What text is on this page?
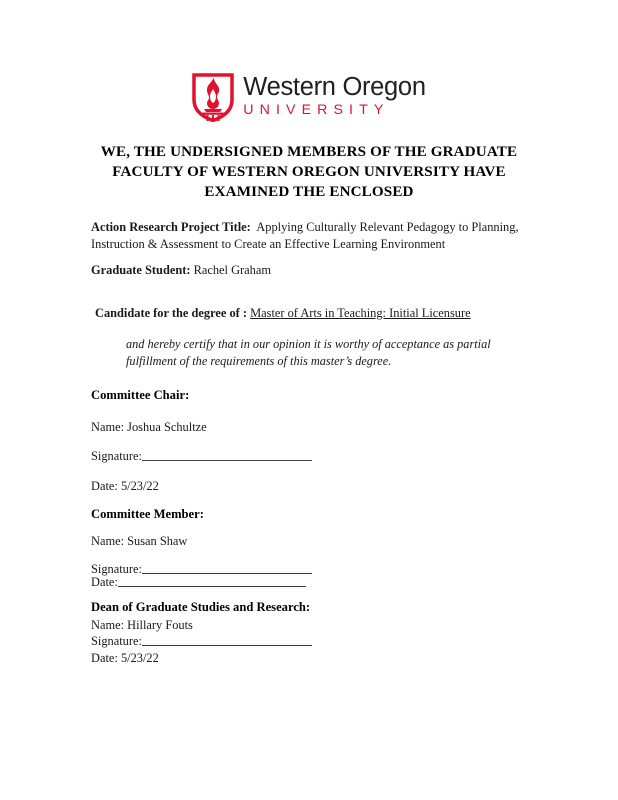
Western Oregon
UNIVERSITY
WE, THE UNDERSIGNED MEMBERS OF THE GRADUATE FACULTY OF WESTERN OREGON UNIVERSITY HAVE EXAMINED THE ENCLOSED
Action Research Project Title: Applying Culturally Relevant Pedagogy to Planning,
Instruction & Assessment to Create an Effective Learning Environment
Graduate Student: Rachel Graham
Candidate for the degree of : Master of Arts in Teaching: Initial Licensure
and hereby certify that in our opinion it is worthy of acceptance as partial
fulfillment of the requirements of this master’s degree.
Committee Chair:
Name: Joshua Schultze
Signature:
Date: 5/23/22
Committee Member:
Name: Susan Shaw
Signature:
Date:
Dean of Graduate Studies and Research:
Name: Hillary Fouts
Signature:
Date: 5/23/22
